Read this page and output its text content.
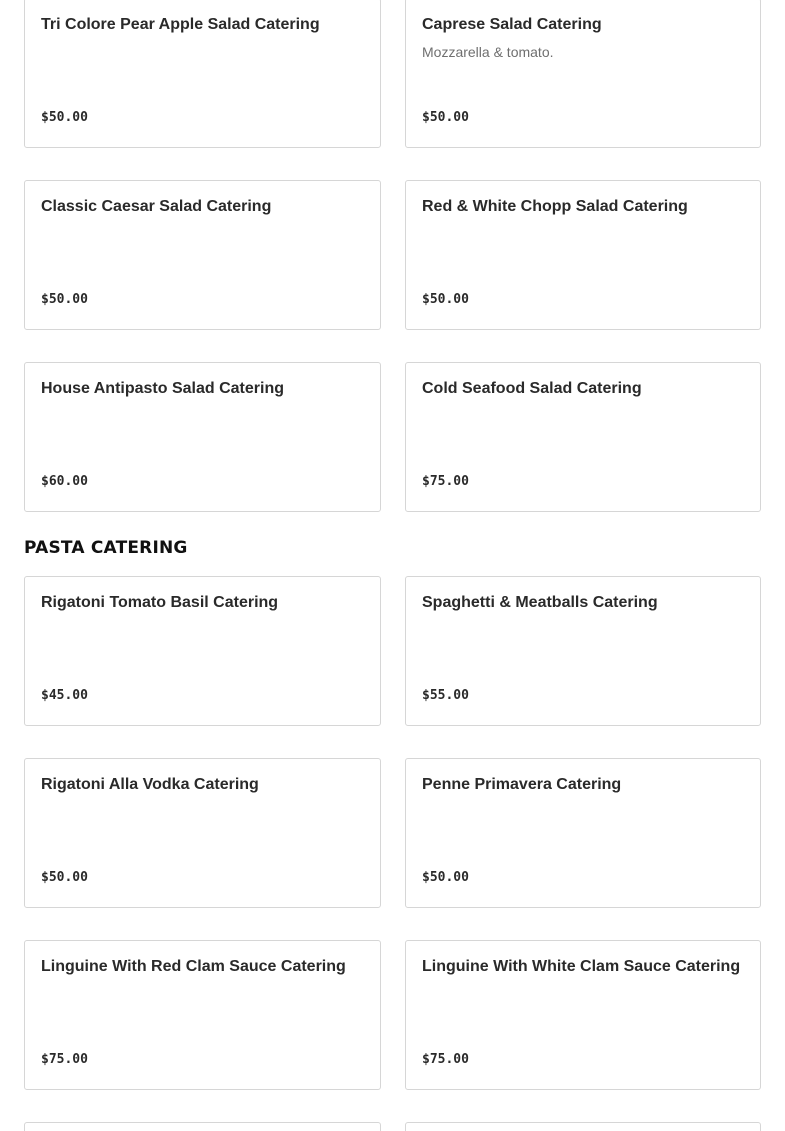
Tri Colore Pear Apple Salad Catering
$50.00
Caprese Salad Catering
Mozzarella & tomato.
$50.00
Classic Caesar Salad Catering
$50.00
Red & White Chopp Salad Catering
$50.00
House Antipasto Salad Catering
$60.00
Cold Seafood Salad Catering
$75.00
PASTA CATERING
Rigatoni Tomato Basil Catering
$45.00
Spaghetti & Meatballs Catering
$55.00
Rigatoni Alla Vodka Catering
$50.00
Penne Primavera Catering
$50.00
Linguine With Red Clam Sauce Catering
$75.00
Linguine With White Clam Sauce Catering
$75.00
